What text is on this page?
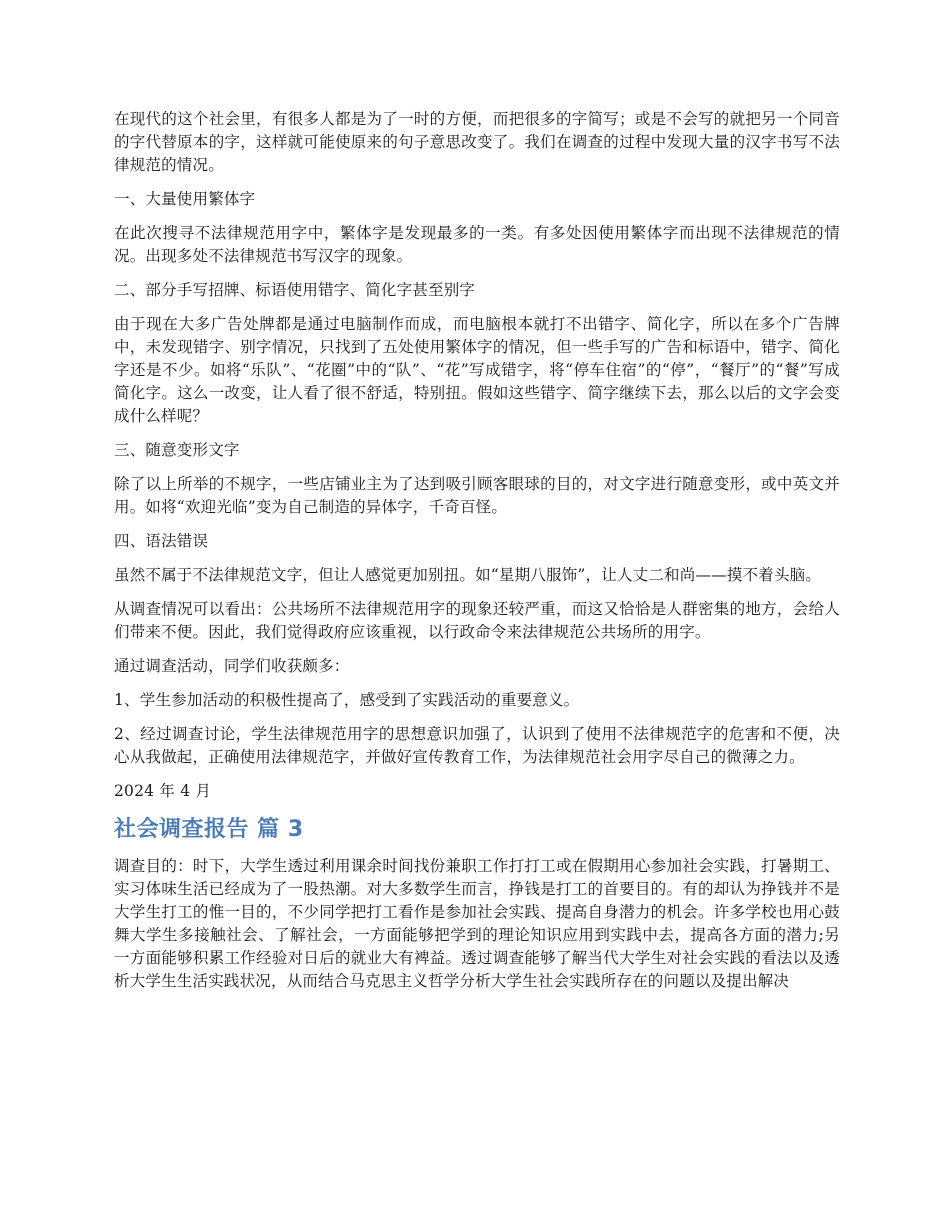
在现代的这个社会里，有很多人都是为了一时的方便，而把很多的字简写；或是不会写的就把另一个同音的字代替原本的字，这样就可能使原来的句子意思改变了。我们在调查的过程中发现大量的汉字书写不法律规范的情况。

一、大量使用繁体字

在此次搜寻不法律规范用字中，繁体字是发现最多的一类。有多处因使用繁体字而出现不法律规范的情况。出现多处不法律规范书写汉字的现象。

二、部分手写招牌、标语使用错字、简化字甚至别字

由于现在大多广告处牌都是通过电脑制作而成，而电脑根本就打不出错字、简化字，所以在多个广告牌中，未发现错字、别字情况，只找到了五处使用繁体字的情况，但一些手写的广告和标语中，错字、简化字还是不少。如将“乐队”、“花圈”中的“队”、“花”写成错字，将“停车住宿”的“停”，“餐厅”的“餐”写成简化字。这么一改变，让人看了很不舒适，特别扭。假如这些错字、简字继续下去，那么以后的文字会变成什么样呢？

三、随意变形文字

除了以上所举的不规字，一些店铺业主为了达到吸引顾客眼球的目的，对文字进行随意变形，或中英文并用。如将“欢迎光临”变为自己制造的异体字，千奇百怪。

四、语法错误

虽然不属于不法律规范文字，但让人感觉更加别扭。如“星期八服饰”，让人丈二和尚——摸不着头脑。

从调查情况可以看出：公共场所不法律规范用字的现象还较严重，而这又恰恰是人群密集的地方，会给人们带来不便。因此，我们觉得政府应该重视，以行政命令来法律规范公共场所的用字。

通过调查活动，同学们收获颇多：

1、学生参加活动的积极性提高了，感受到了实践活动的重要意义。

2、经过调查讨论，学生法律规范用字的思想意识加强了，认识到了使用不法律规范字的危害和不便，决心从我做起，正确使用法律规范字，并做好宣传教育工作，为法律规范社会用字尽自己的微薄之力。

2024 年 4 月

社会调查报告 篇 3

调查目的：时下，大学生透过利用课余时间找份兼职工作打打工或在假期用心参加社会实践，打暑期工、实习体味生活已经成为了一股热潮。对大多数学生而言，挣钱是打工的首要目的。有的却认为挣钱并不是大学生打工的惟一目的，不少同学把打工看作是参加社会实践、提高自身潜力的机会。许多学校也用心鼓舞大学生多接触社会、了解社会，一方面能够把学到的理论知识应用到实践中去，提高各方面的潜力;另一方面能够积累工作经验对日后的就业大有裨益。透过调查能够了解当代大学生对社会实践的看法以及透析大学生生活实践状况，从而结合马克思主义哲学分析大学生社会实践所存在的问题以及提出解决
